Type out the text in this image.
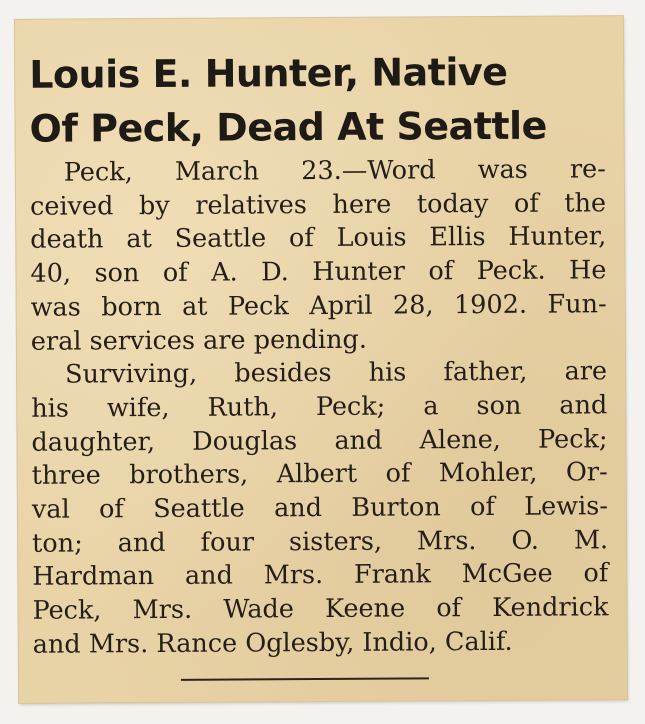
Louis E. Hunter, Native
Of Peck, Dead At Seattle
Peck, March 23.—Word was re-
ceived by relatives here today of the
death at Seattle of Louis Ellis Hunter,
40, son of A. D. Hunter of Peck. He
was born at Peck April 28, 1902. Fun-
eral services are pending.
Surviving, besides his father, are
his wife, Ruth, Peck; a son and
daughter, Douglas and Alene, Peck;
three brothers, Albert of Mohler, Or-
val of Seattle and Burton of Lewis-
ton; and four sisters, Mrs. O. M.
Hardman and Mrs. Frank McGee of
Peck, Mrs. Wade Keene of Kendrick
and Mrs. Rance Oglesby, Indio, Calif.
